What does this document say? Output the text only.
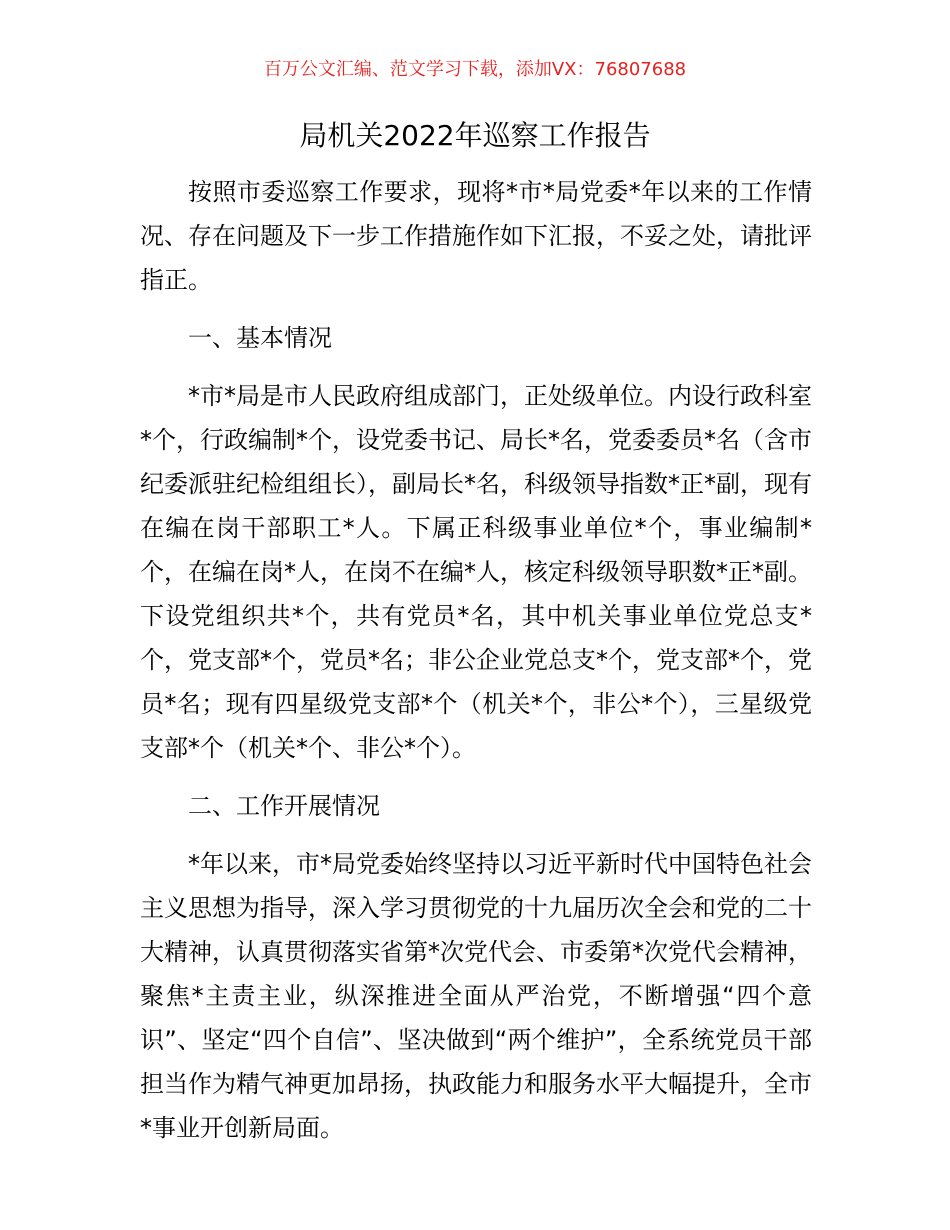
百万公文汇编、范文学习下载，添加VX：76807688
局机关2022年巡察工作报告

按照市委巡察工作要求，现将*市*局党委*年以来的工作情况、存在问题及下一步工作措施作如下汇报，不妥之处，请批评指正。

一、基本情况

*市*局是市人民政府组成部门，正处级单位。内设行政科室*个，行政编制*个，设党委书记、局长*名，党委委员*名（含市纪委派驻纪检组组长），副局长*名，科级领导指数*正*副，现有在编在岗干部职工*人。下属正科级事业单位*个，事业编制*个，在编在岗*人，在岗不在编*人，核定科级领导职数*正*副。下设党组织共*个，共有党员*名，其中机关事业单位党总支*个，党支部*个，党员*名；非公企业党总支*个，党支部*个，党员*名；现有四星级党支部*个（机关*个，非公*个），三星级党支部*个（机关*个、非公*个）。

二、工作开展情况

*年以来，市*局党委始终坚持以习近平新时代中国特色社会主义思想为指导，深入学习贯彻党的十九届历次全会和党的二十大精神，认真贯彻落实省第*次党代会、市委第*次党代会精神，聚焦*主责主业，纵深推进全面从严治党，不断增强“四个意识”、坚定“四个自信”、坚决做到“两个维护”，全系统党员干部担当作为精气神更加昂扬，执政能力和服务水平大幅提升，全市*事业开创新局面。
